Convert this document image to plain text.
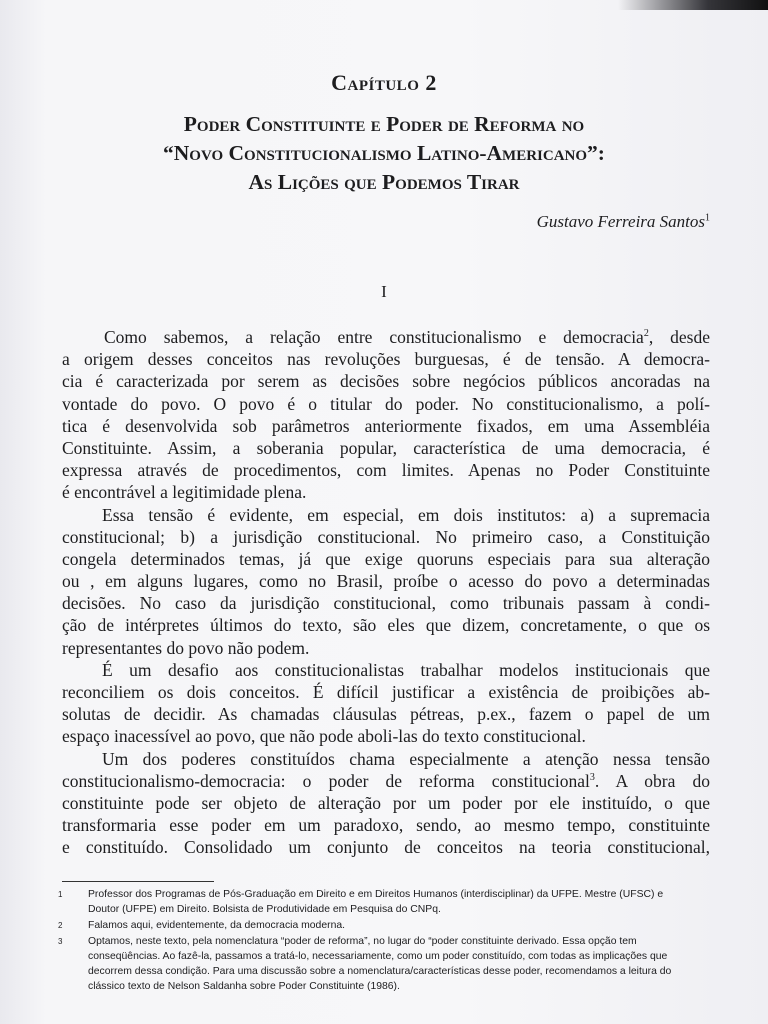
Capítulo 2
Poder Constituinte e Poder de Reforma no
“Novo Constitucionalismo Latino-Americano”:
As Lições que Podemos Tirar
Gustavo Ferreira Santos$^1$
I
Como sabemos, a relação entre constitucionalismo e democracia$^2$, desde
a origem desses conceitos nas revoluções burguesas, é de tensão. A democra-
cia é caracterizada por serem as decisões sobre negócios públicos ancoradas na
vontade do povo. O povo é o titular do poder. No constitucionalismo, a polí-
tica é desenvolvida sob parâmetros anteriormente fixados, em uma Assembléia
Constituinte. Assim, a soberania popular, característica de uma democracia, é
expressa através de procedimentos, com limites. Apenas no Poder Constituinte
é encontrável a legitimidade plena.
Essa tensão é evidente, em especial, em dois institutos: a) a supremacia
constitucional; b) a jurisdição constitucional. No primeiro caso, a Constituição
congela determinados temas, já que exige quoruns especiais para sua alteração
ou , em alguns lugares, como no Brasil, proíbe o acesso do povo a determinadas
decisões. No caso da jurisdição constitucional, como tribunais passam à condi-
ção de intérpretes últimos do texto, são eles que dizem, concretamente, o que os
representantes do povo não podem.
É um desafio aos constitucionalistas trabalhar modelos institucionais que
reconciliem os dois conceitos. É difícil justificar a existência de proibições ab-
solutas de decidir. As chamadas cláusulas pétreas, p.ex., fazem o papel de um
espaço inacessível ao povo, que não pode aboli-las do texto constitucional.
Um dos poderes constituídos chama especialmente a atenção nessa tensão
constitucionalismo-democracia: o poder de reforma constitucional$^3$. A obra do
constituinte pode ser objeto de alteração por um poder por ele instituído, o que
transformaria esse poder em um paradoxo, sendo, ao mesmo tempo, constituinte
e constituído. Consolidado um conjunto de conceitos na teoria constitucional,
1 Professor dos Programas de Pós-Graduação em Direito e em Direitos Humanos (interdisciplinar) da UFPE. Mestre (UFSC) e
Doutor (UFPE) em Direito. Bolsista de Produtividade em Pesquisa do CNPq.
2 Falamos aqui, evidentemente, da democracia moderna.
3 Optamos, neste texto, pela nomenclatura “poder de reforma”, no lugar do “poder constituinte derivado. Essa opção tem
conseqüências. Ao fazê-la, passamos a tratá-lo, necessariamente, como um poder constituído, com todas as implicações que
decorrem dessa condição. Para uma discussão sobre a nomenclatura/características desse poder, recomendamos a leitura do
clássico texto de Nelson Saldanha sobre Poder Constituinte (1986).
